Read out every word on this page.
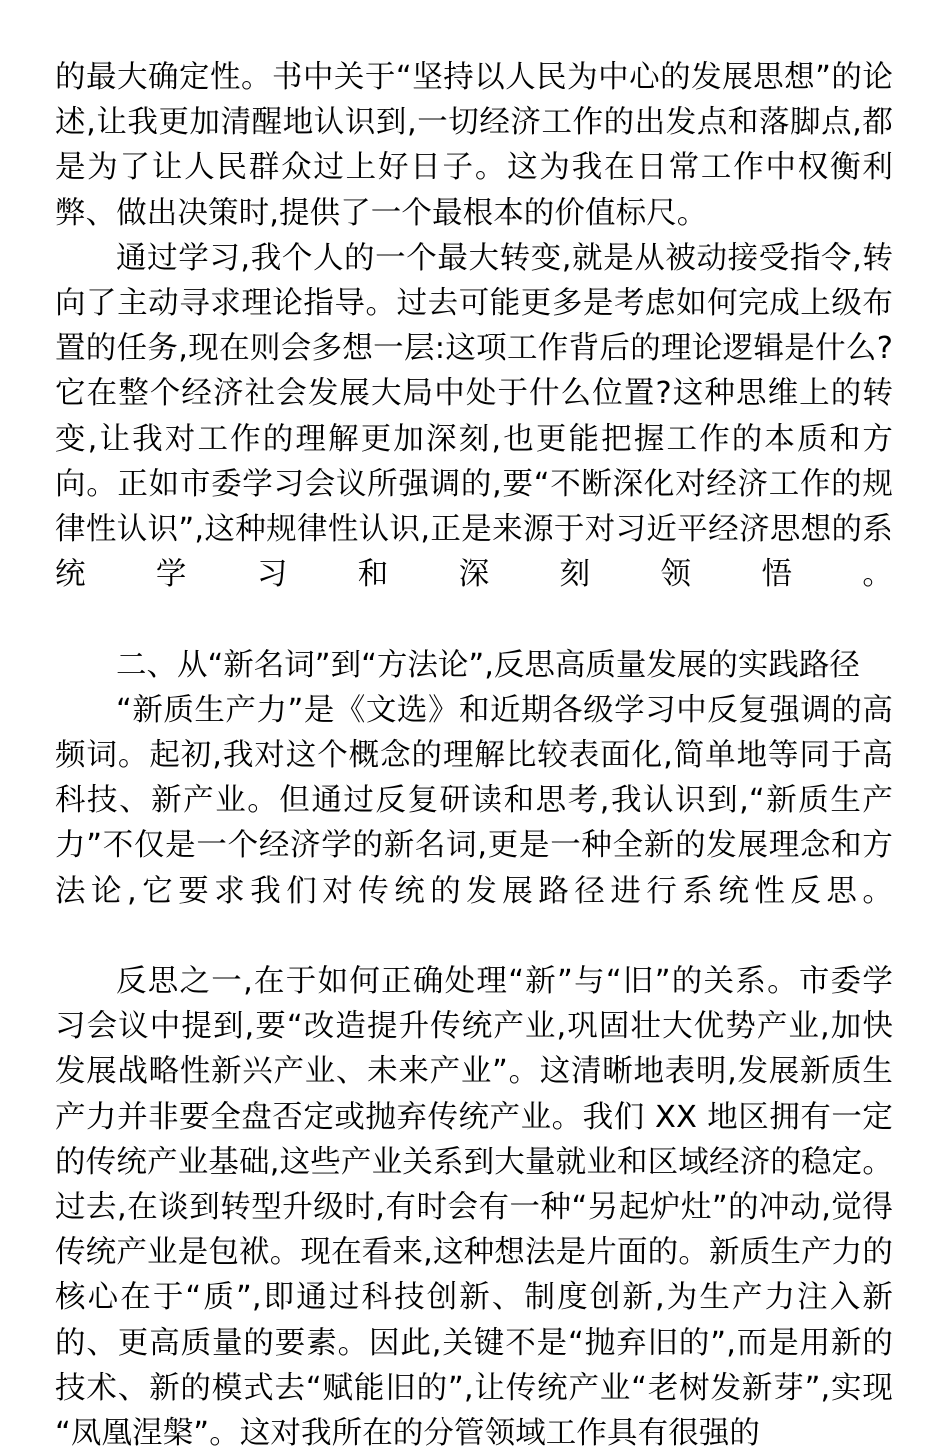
的最大确定性。书中关于“坚持以人民为中心的发展思想”的论述,让我更加清醒地认识到,一切经济工作的出发点和落脚点,都是为了让人民群众过上好日子。这为我在日常工作中权衡利弊、做出决策时,提供了一个最根本的价值标尺。

通过学习,我个人的一个最大转变,就是从被动接受指令,转向了主动寻求理论指导。过去可能更多是考虑如何完成上级布置的任务,现在则会多想一层:这项工作背后的理论逻辑是什么?它在整个经济社会发展大局中处于什么位置?这种思维上的转变,让我对工作的理解更加深刻,也更能把握工作的本质和方向。正如市委学习会议所强调的,要“不断深化对经济工作的规律性认识”,这种规律性认识,正是来源于对习近平经济思想的系统学习和深刻领悟。

二、从“新名词”到“方法论”,反思高质量发展的实践路径

“新质生产力”是《文选》和近期各级学习中反复强调的高频词。起初,我对这个概念的理解比较表面化,简单地等同于高科技、新产业。但通过反复研读和思考,我认识到,“新质生产力”不仅是一个经济学的新名词,更是一种全新的发展理念和方法论,它要求我们对传统的发展路径进行系统性反思。

反思之一,在于如何正确处理“新”与“旧”的关系。市委学习会议中提到,要“改造提升传统产业,巩固壮大优势产业,加快发展战略性新兴产业、未来产业”。这清晰地表明,发展新质生产力并非要全盘否定或抛弃传统产业。我们 XX 地区拥有一定的传统产业基础,这些产业关系到大量就业和区域经济的稳定。过去,在谈到转型升级时,有时会有一种“另起炉灶”的冲动,觉得传统产业是包袱。现在看来,这种想法是片面的。新质生产力的核心在于“质”,即通过科技创新、制度创新,为生产力注入新的、更高质量的要素。因此,关键不是“抛弃旧的”,而是用新的技术、新的模式去“赋能旧的”,让传统产业“老树发新芽”,实现“凤凰涅槃”。这对我所在的分管领域工作具有很强的
